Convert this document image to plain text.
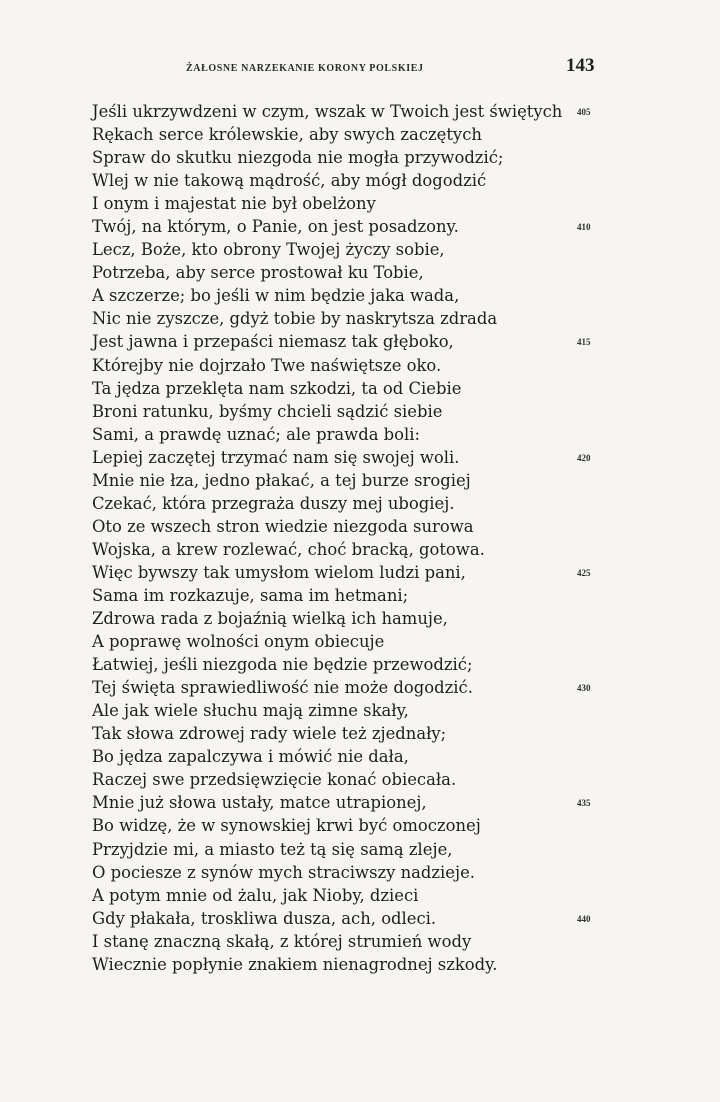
ŻAŁOSNE NARZEKANIE KORONY POLSKIEJ	143
Jeśli ukrzywdzeni w czym, wszak w Twoich jest świętych 405
Rękach serce królewskie, aby swych zaczętych
Spraw do skutku niezgoda nie mogła przywodzić;
Wlej w nie takową mądrość, aby mógł dogodzić
I onym i majestat nie był obelżony
Twój, na którym, o Panie, on jest posadzony.	410
Lecz, Boże, kto obrony Twojej życzy sobie,
Potrzeba, aby serce prostował ku Tobie,
A szczerze; bo jeśli w nim będzie jaka wada,
Nic nie zyszcze, gdyż tobie by naskrytsza zdrada
Jest jawna i przepaści niemasz tak głęboko,	415
Którejby nie dojrzało Twe naświętsze oko.
Ta jędza przeklęta nam szkodzi, ta od Ciebie
Broni ratunku, byśmy chcieli sądzić siebie
Sami, a prawdę uznać; ale prawda boli:
Lepiej zaczętej trzymać nam się swojej woli.	420
Mnie nie łza, jedno płakać, a tej burze srogiej
Czekać, która przegraża duszy mej ubogiej.
Oto ze wszech stron wiedzie niezgoda surowa
Wojska, a krew rozlewać, choć bracką, gotowa.
Więc bywszy tak umysłom wielom ludzi pani,	425
Sama im rozkazuje, sama im hetmani;
Zdrowa rada z bojaźnią wielką ich hamuje,
A poprawę wolności onym obiecuje
Łatwiej, jeśli niezgoda nie będzie przewodzić;
Tej święta sprawiedliwość nie może dogodzić.	430
Ale jak wiele słuchu mają zimne skały,
Tak słowa zdrowej rady wiele też zjednały;
Bo jędza zapalczywa i mówić nie dała,
Raczej swe przedsięwzięcie konać obiecała.
Mnie już słowa ustały, matce utrapionej,	435
Bo widzę, że w synowskiej krwi być omoczonej
Przyjdzie mi, a miasto też tą się samą zleje,
O pociesze z synów mych straciwszy nadzieje.
A potym mnie od żalu, jak Nioby, dzieci
Gdy płakała, troskliwa dusza, ach, odleci.	440
I stanę znaczną skałą, z której strumień wody
Wiecznie popłynie znakiem nienagrodnej szkody.
